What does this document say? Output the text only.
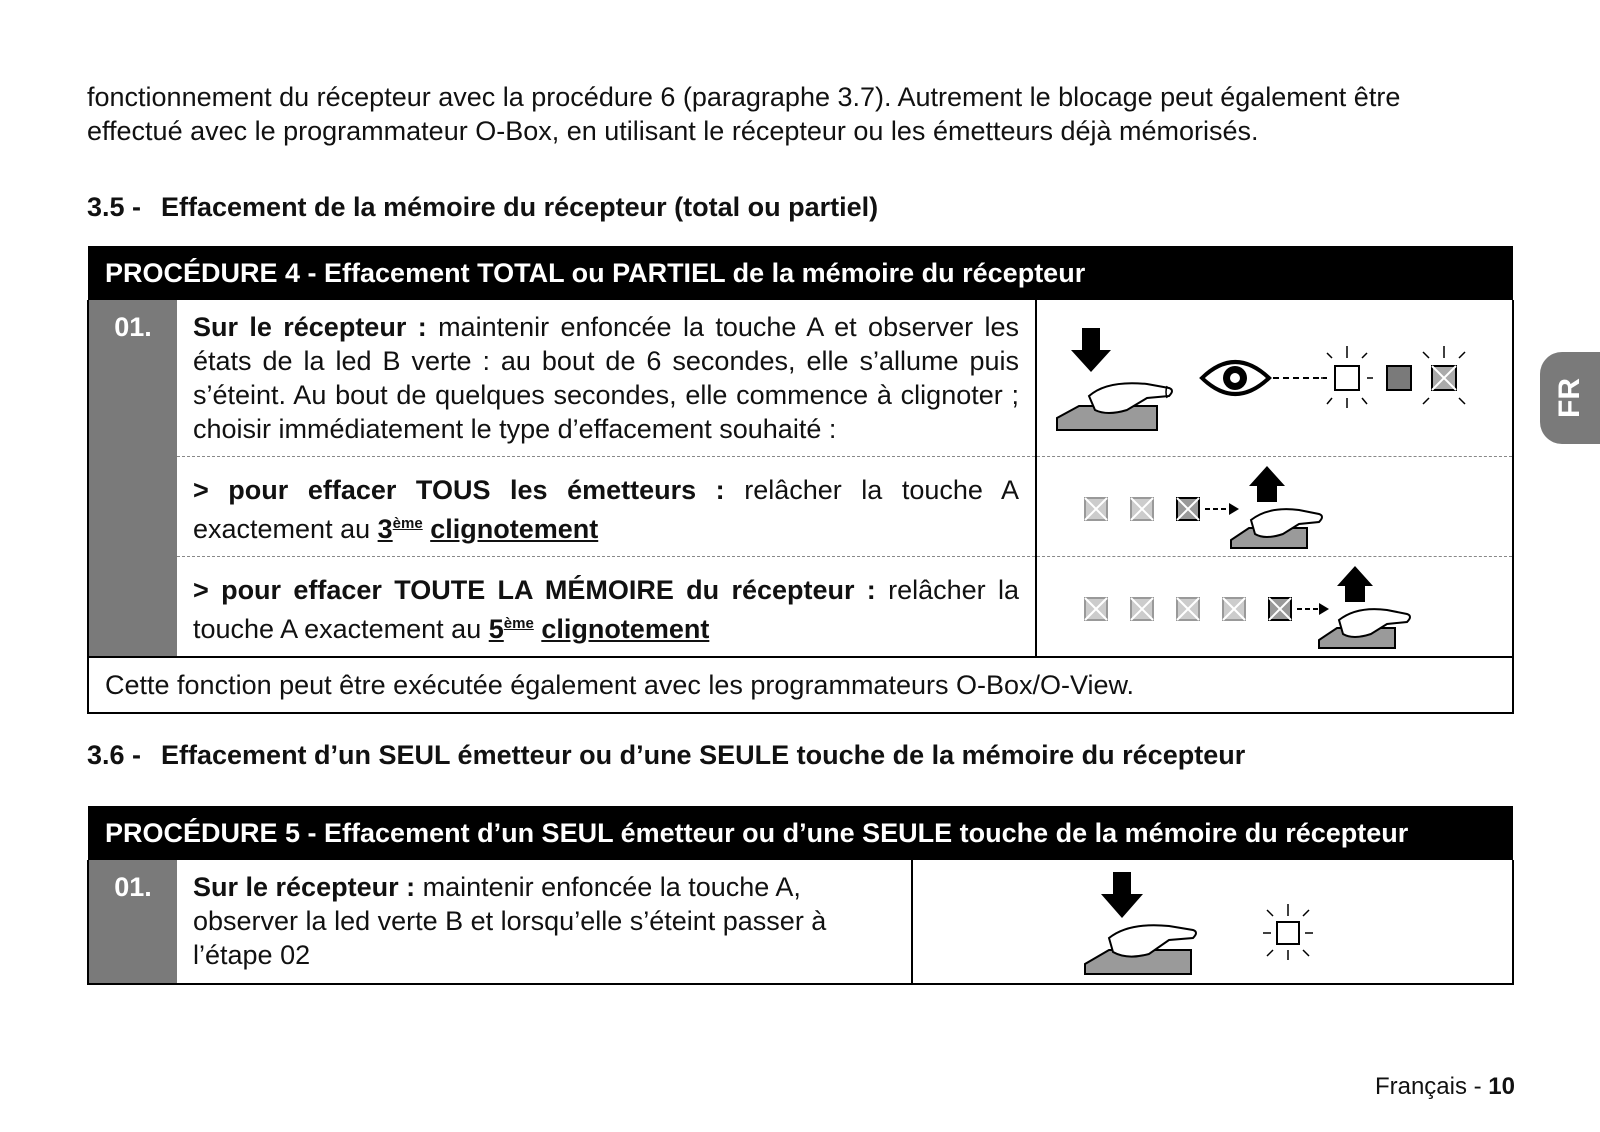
fonctionnement du récepteur avec la procédure 6 (paragraphe 3.7). Autrement le blocage peut également être

effectué avec le programmateur O-Box, en utilisant le récepteur ou les émetteurs déjà mémorisés.

3.5 - Effacement de la mémoire du récepteur (total ou partiel)
PROCÉDURE 4 - Effacement TOTAL ou PARTIEL de la mémoire du récepteur		
01.	Sur le récepteur : maintenir enfoncée la touche A et observer les états de la led B verte : au bout de 6 secondes, elle s’allume puis s’éteint. Au bout de quelques secondes, elle commence à clignoter ; choisir immédiatement le type d’effacement souhaité :	

	> pour effacer TOUS les émetteurs : relâcher la touche A exactement au 3ème clignotement	

	> pour effacer TOUTE LA MÉMOIRE du récepteur : relâcher la touche A exactement au 5ème clignotement	

Cette fonction peut être exécutée également avec les programmateurs O-Box/O-View.		
3.6 - Effacement d’un SEUL émetteur ou d’une SEULE touche de la mémoire du récepteur
PROCÉDURE 5 - Effacement d’un SEUL émetteur ou d’une SEULE touche de la mémoire du récepteur
01.	Sur le récepteur : maintenir enfoncée la touche A, observer la led verte B et lorsqu’elle s’éteint passer à l’étape 02	
FR
Français - 10
